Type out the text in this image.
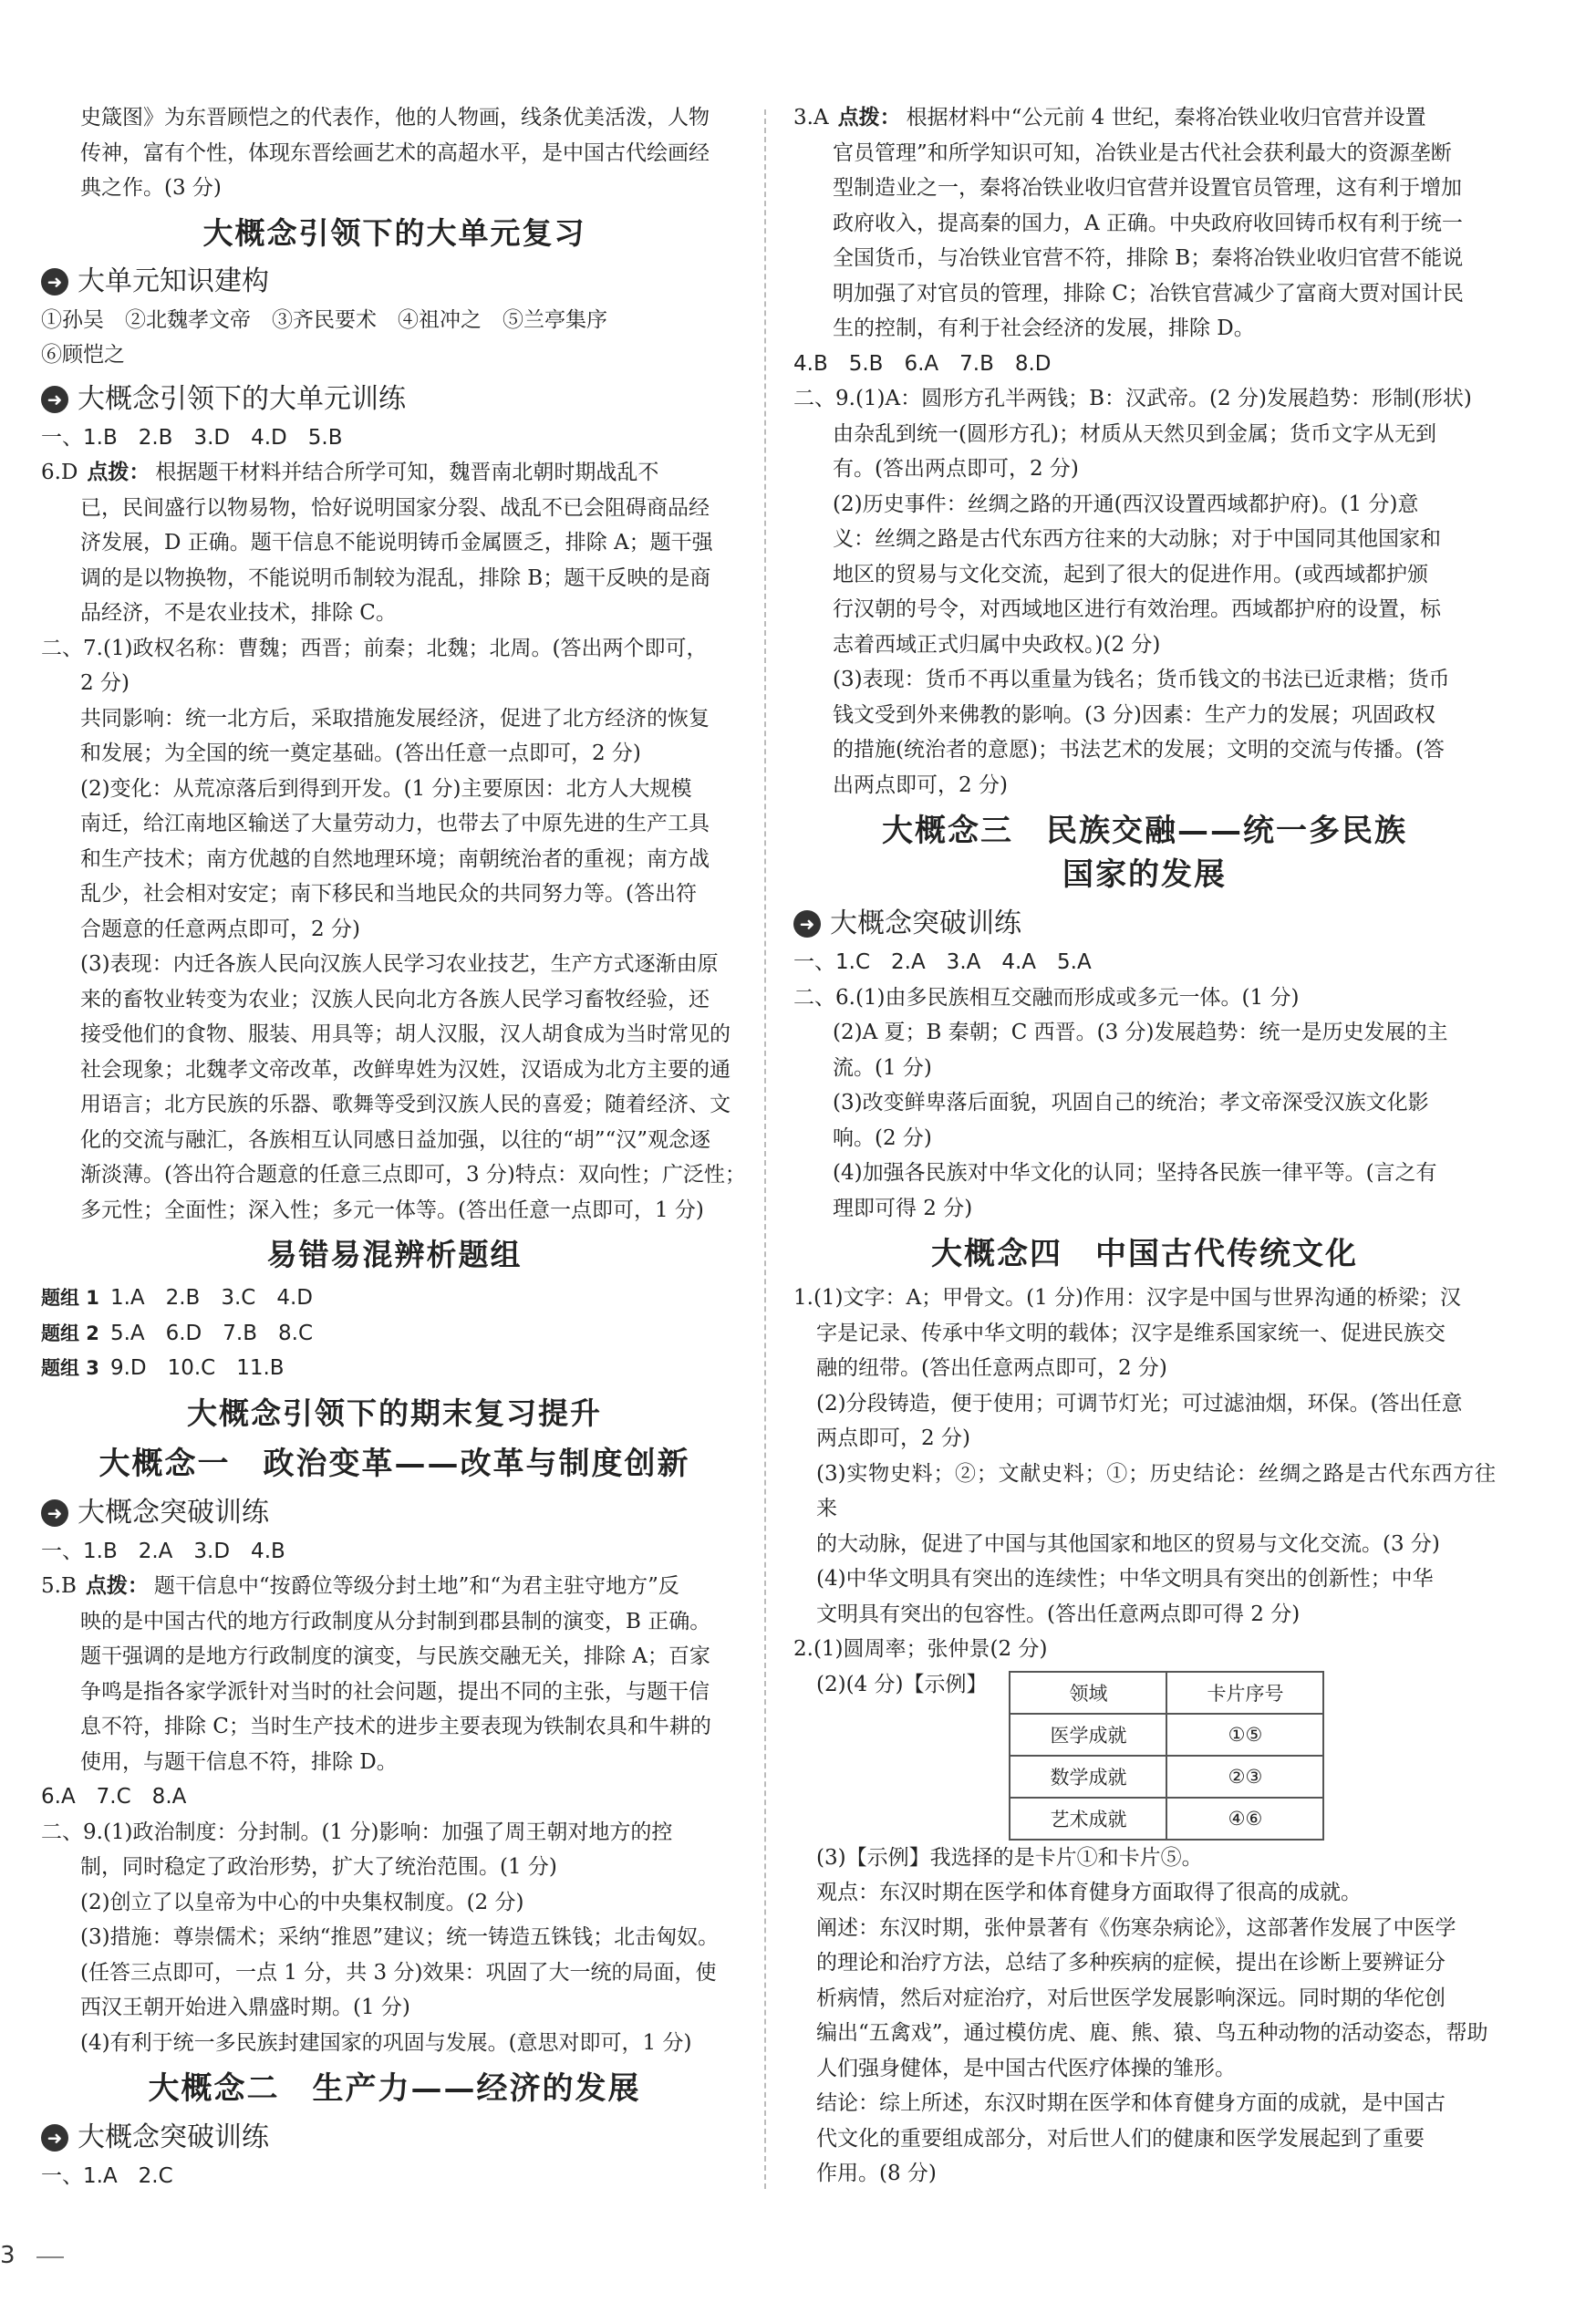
史箴图》为东晋顾恺之的代表作，他的人物画，线条优美活泼，人物

传神，富有个性，体现东晋绘画艺术的高超水平，是中国古代绘画经

典之作。(3 分)

大概念引领下的大单元复习
➜ 大单元知识建构

①孙吴　②北魏孝文帝　③齐民要术　④祖冲之　⑤兰亭集序

⑥顾恺之

➜ 大概念引领下的大单元训练

一、1.B　2.B　3.D　4.D　5.B

6.D 点拨： 根据题干材料并结合所学可知，魏晋南北朝时期战乱不

已，民间盛行以物易物，恰好说明国家分裂、战乱不已会阻碍商品经

济发展，D 正确。题干信息不能说明铸币金属匮乏，排除 A；题干强

调的是以物换物，不能说明币制较为混乱，排除 B；题干反映的是商

品经济，不是农业技术，排除 C。

二、7.(1)政权名称：曹魏；西晋；前秦；北魏；北周。(答出两个即可，

2 分)

共同影响：统一北方后，采取措施发展经济，促进了北方经济的恢复

和发展；为全国的统一奠定基础。(答出任意一点即可，2 分)

(2)变化：从荒凉落后到得到开发。(1 分)主要原因：北方人大规模

南迁，给江南地区输送了大量劳动力，也带去了中原先进的生产工具

和生产技术；南方优越的自然地理环境；南朝统治者的重视；南方战

乱少，社会相对安定；南下移民和当地民众的共同努力等。(答出符

合题意的任意两点即可，2 分)

(3)表现：内迁各族人民向汉族人民学习农业技艺，生产方式逐渐由原

来的畜牧业转变为农业；汉族人民向北方各族人民学习畜牧经验，还

接受他们的食物、服装、用具等；胡人汉服，汉人胡食成为当时常见的

社会现象；北魏孝文帝改革，改鲜卑姓为汉姓，汉语成为北方主要的通

用语言；北方民族的乐器、歌舞等受到汉族人民的喜爱；随着经济、文

化的交流与融汇，各族相互认同感日益加强，以往的“胡”“汉”观念逐

渐淡薄。(答出符合题意的任意三点即可，3 分)特点：双向性；广泛性；

多元性；全面性；深入性；多元一体等。(答出任意一点即可，1 分)

易错易混辨析题组

题组 1 1.A　2.B　3.C　4.D

题组 2 5.A　6.D　7.B　8.C

题组 3 9.D　10.C　11.B

大概念引领下的期末复习提升
大概念一　政治变革——改革与制度创新
➜ 大概念突破训练

一、1.B　2.A　3.D　4.B

5.B 点拨： 题干信息中“按爵位等级分封土地”和“为君主驻守地方”反

映的是中国古代的地方行政制度从分封制到郡县制的演变，B 正确。

题干强调的是地方行政制度的演变，与民族交融无关，排除 A；百家

争鸣是指各家学派针对当时的社会问题，提出不同的主张，与题干信

息不符，排除 C；当时生产技术的进步主要表现为铁制农具和牛耕的

使用，与题干信息不符，排除 D。

6.A　7.C　8.A

二、9.(1)政治制度：分封制。(1 分)影响：加强了周王朝对地方的控

制，同时稳定了政治形势，扩大了统治范围。(1 分)

(2)创立了以皇帝为中心的中央集权制度。(2 分)

(3)措施：尊崇儒术；采纳“推恩”建议；统一铸造五铢钱；北击匈奴。

(任答三点即可，一点 1 分，共 3 分)效果：巩固了大一统的局面，使

西汉王朝开始进入鼎盛时期。(1 分)

(4)有利于统一多民族封建国家的巩固与发展。(意思对即可，1 分)

大概念二　生产力——经济的发展
➜ 大概念突破训练

一、1.A　2.C

3.A 点拨： 根据材料中“公元前 4 世纪，秦将冶铁业收归官营并设置

官员管理”和所学知识可知，冶铁业是古代社会获利最大的资源垄断

型制造业之一，秦将冶铁业收归官营并设置官员管理，这有利于增加

政府收入，提高秦的国力，A 正确。中央政府收回铸币权有利于统一

全国货币，与冶铁业官营不符，排除 B；秦将冶铁业收归官营不能说

明加强了对官员的管理，排除 C；冶铁官营减少了富商大贾对国计民

生的控制，有利于社会经济的发展，排除 D。

4.B　5.B　6.A　7.B　8.D

二、9.(1)A：圆形方孔半两钱；B：汉武帝。(2 分)发展趋势：形制(形状)

由杂乱到统一(圆形方孔)；材质从天然贝到金属；货币文字从无到

有。(答出两点即可，2 分)

(2)历史事件：丝绸之路的开通(西汉设置西域都护府)。(1 分)意

义：丝绸之路是古代东西方往来的大动脉；对于中国同其他国家和

地区的贸易与文化交流，起到了很大的促进作用。(或西域都护颁

行汉朝的号令，对西域地区进行有效治理。西域都护府的设置，标

志着西域正式归属中央政权。)(2 分)

(3)表现：货币不再以重量为钱名；货币钱文的书法已近隶楷；货币

钱文受到外来佛教的影响。(3 分)因素：生产力的发展；巩固政权

的措施(统治者的意愿)；书法艺术的发展；文明的交流与传播。(答

出两点即可，2 分)

大概念三　民族交融——统一多民族
国家的发展
➜ 大概念突破训练

一、1.C　2.A　3.A　4.A　5.A

二、6.(1)由多民族相互交融而形成或多元一体。(1 分)

(2)A 夏；B 秦朝；C 西晋。(3 分)发展趋势：统一是历史发展的主

流。(1 分)

(3)改变鲜卑落后面貌，巩固自己的统治；孝文帝深受汉族文化影

响。(2 分)

(4)加强各民族对中华文化的认同；坚持各民族一律平等。(言之有

理即可得 2 分)

大概念四　中国古代传统文化

1.(1)文字：A；甲骨文。(1 分)作用：汉字是中国与世界沟通的桥梁；汉

字是记录、传承中华文明的载体；汉字是维系国家统一、促进民族交

融的纽带。(答出任意两点即可，2 分)

(2)分段铸造，便于使用；可调节灯光；可过滤油烟，环保。(答出任意

两点即可，2 分)

(3)实物史料；②；文献史料；①；历史结论：丝绸之路是古代东西方往来

的大动脉，促进了中国与其他国家和地区的贸易与文化交流。(3 分)

(4)中华文明具有突出的连续性；中华文明具有突出的创新性；中华

文明具有突出的包容性。(答出任意两点即可得 2 分)

2.(1)圆周率；张仲景(2 分)

(2)(4 分)【示例】	领域	卡片序号
医学成就	①⑤
数学成就	②③
艺术成就	④⑥

(3)【示例】我选择的是卡片①和卡片⑤。

观点：东汉时期在医学和体育健身方面取得了很高的成就。

阐述：东汉时期，张仲景著有《伤寒杂病论》，这部著作发展了中医学

的理论和治疗方法，总结了多种疾病的症候，提出在诊断上要辨证分

析病情，然后对症治疗，对后世医学发展影响深远。同时期的华佗创

编出“五禽戏”，通过模仿虎、鹿、熊、猿、鸟五种动物的活动姿态，帮助

人们强身健体，是中国古代医疗体操的雏形。

结论：综上所述，东汉时期在医学和体育健身方面的成就，是中国古

代文化的重要组成部分，对后世人们的健康和医学发展起到了重要

作用。(8 分)

3
